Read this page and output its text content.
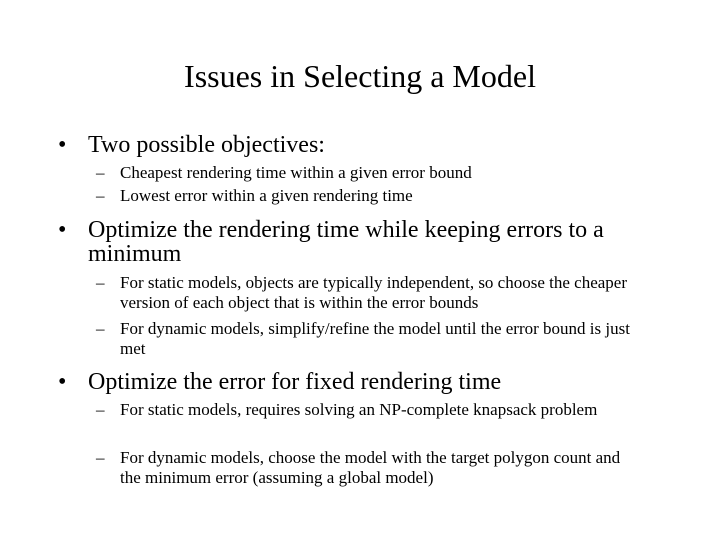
Issues in Selecting a Model
• Two possible objectives:
– Cheapest rendering time within a given error bound
– Lowest error within a given rendering time
• Optimize the rendering time while keeping errors to a minimum
– For static models, objects are typically independent, so choose the cheaper version of each object that is within the error bounds
– For dynamic models, simplify/refine the model until the error bound is just met
• Optimize the error for fixed rendering time
– For static models, requires solving an NP-complete knapsack problem
– For dynamic models, choose the model with the target polygon count and the minimum error (assuming a global model)
